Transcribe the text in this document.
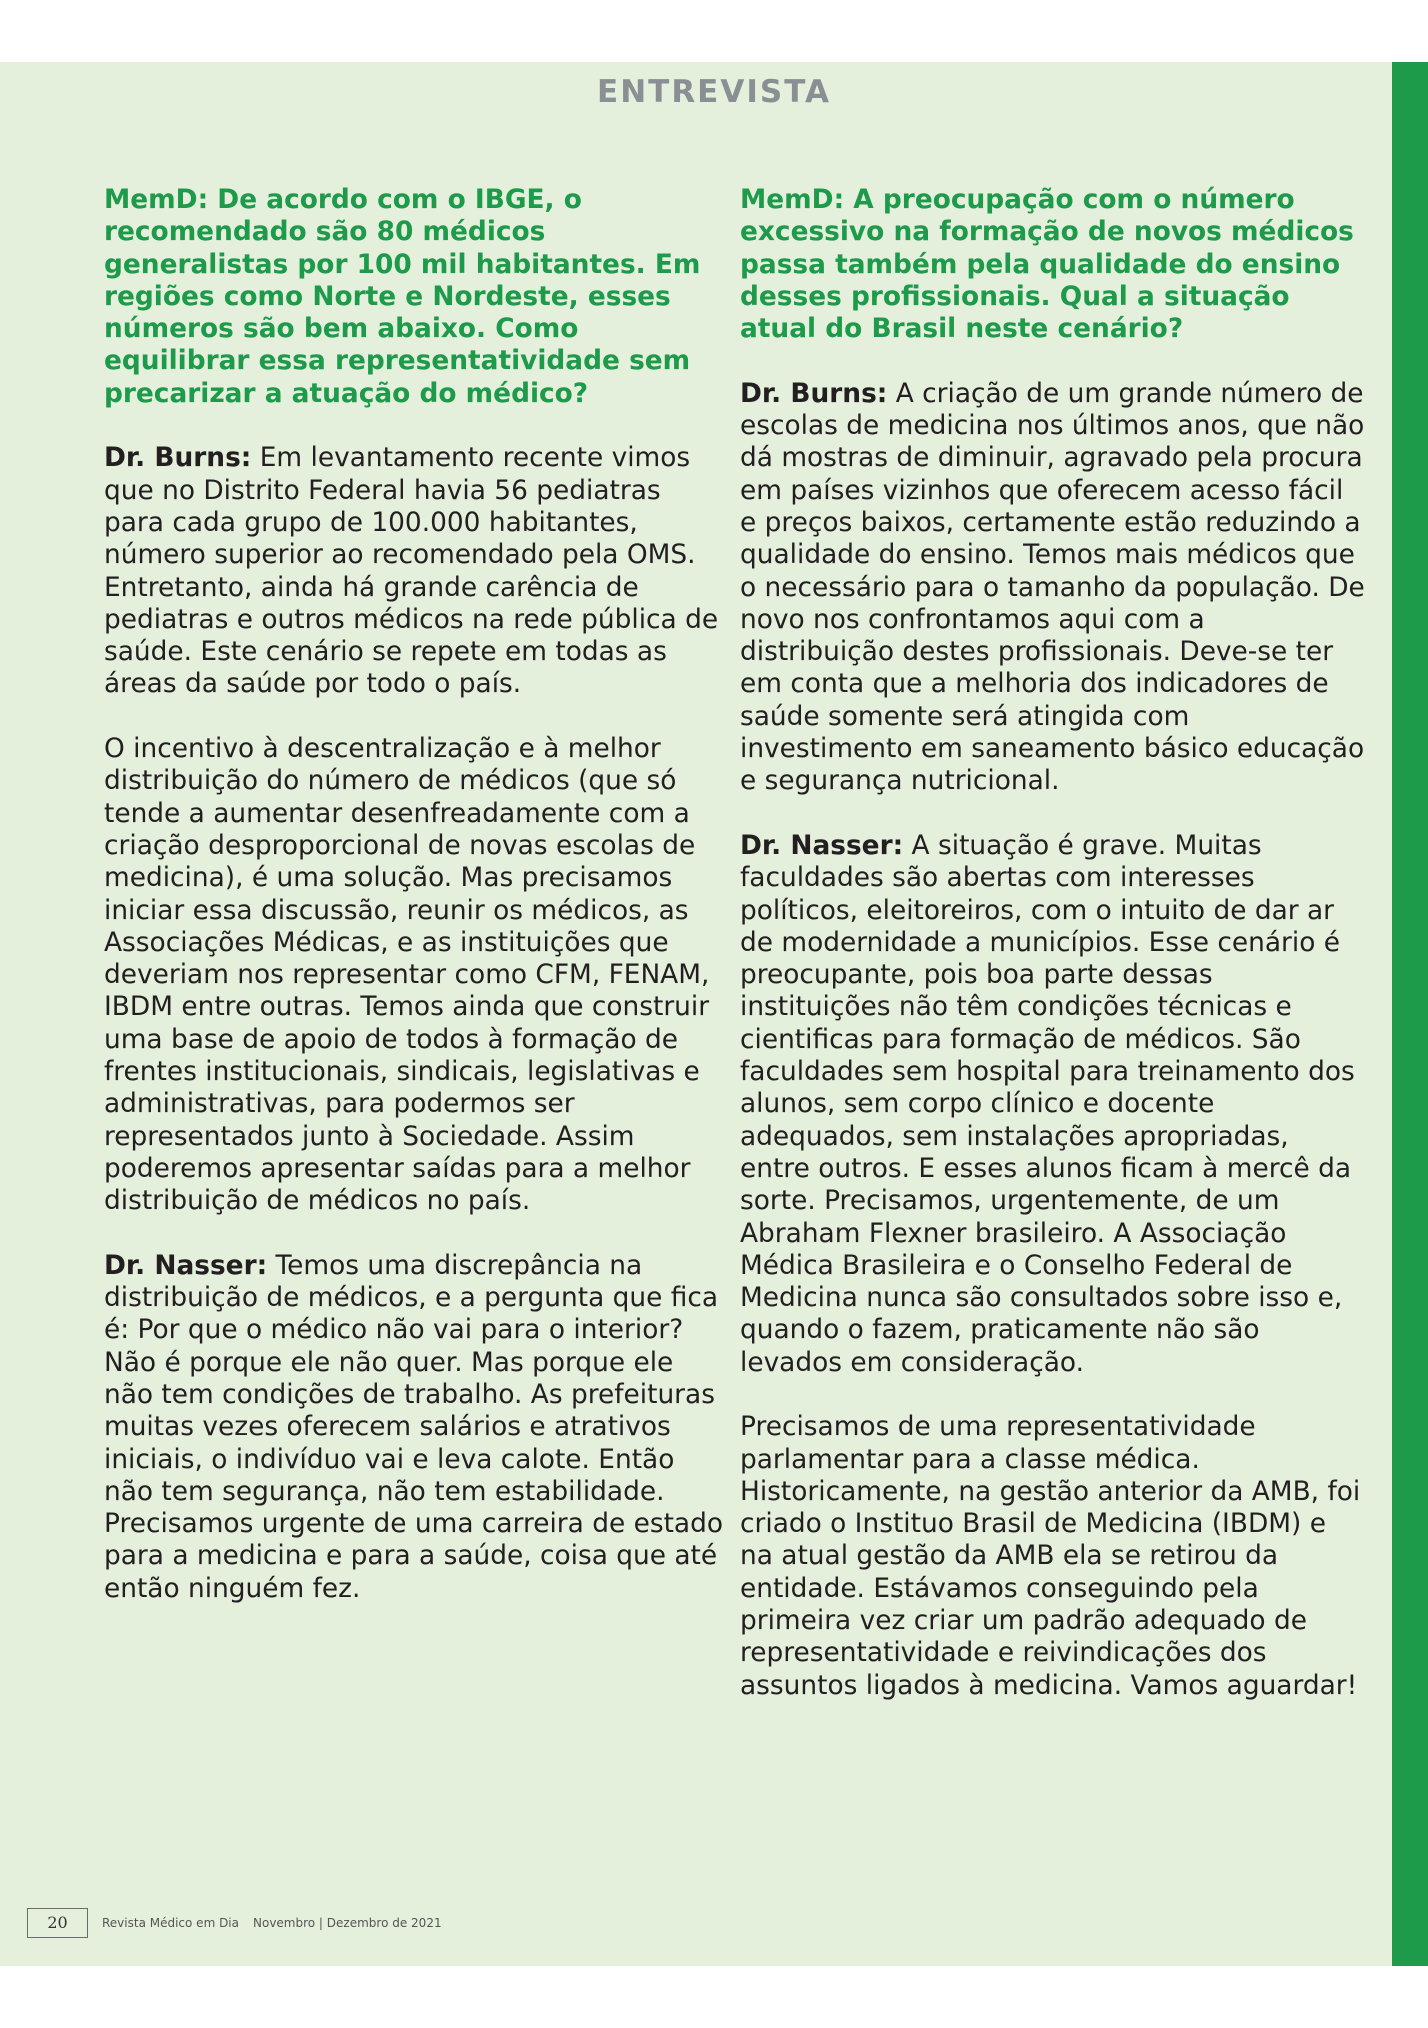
ENTREVISTA

MemD: De acordo com o IBGE, o recomendado são 80 médicos generalistas por 100 mil habitantes. Em regiões como Norte e Nordeste, esses números são bem abaixo. Como equilibrar essa representatividade sem precarizar a atuação do médico?

Dr. Burns: Em levantamento recente vimos que no Distrito Federal havia 56 pediatras para cada grupo de 100.000 habitantes, número superior ao recomendado pela OMS. Entretanto, ainda há grande carência de pediatras e outros médicos na rede pública de saúde. Este cenário se repete em todas as áreas da saúde por todo o país.

O incentivo à descentralização e à melhor distribuição do número de médicos (que só tende a aumentar desenfreadamente com a criação desproporcional de novas escolas de medicina), é uma solução. Mas precisamos iniciar essa discussão, reunir os médicos, as Associações Médicas, e as instituições que deveriam nos representar como CFM, FENAM, IBDM entre outras. Temos ainda que construir uma base de apoio de todos à formação de frentes institucionais, sindicais, legislativas e administrativas, para podermos ser representados junto à Sociedade. Assim poderemos apresentar saídas para a melhor distribuição de médicos no país.

Dr. Nasser: Temos uma discrepância na distribuição de médicos, e a pergunta que fica é: Por que o médico não vai para o interior? Não é porque ele não quer. Mas porque ele não tem condições de trabalho. As prefeituras muitas vezes oferecem salários e atrativos iniciais, o indivíduo vai e leva calote. Então não tem segurança, não tem estabilidade. Precisamos urgente de uma carreira de estado para a medicina e para a saúde, coisa que até então ninguém fez.

MemD: A preocupação com o número excessivo na formação de novos médicos passa também pela qualidade do ensino desses profissionais. Qual a situação atual do Brasil neste cenário?

Dr. Burns: A criação de um grande número de escolas de medicina nos últimos anos, que não dá mostras de diminuir, agravado pela procura em países vizinhos que oferecem acesso fácil e preços baixos, certamente estão reduzindo a qualidade do ensino. Temos mais médicos que o necessário para o tamanho da população. De novo nos confrontamos aqui com a distribuição destes profissionais. Deve-se ter em conta que a melhoria dos indicadores de saúde somente será atingida com investimento em saneamento básico educação e segurança nutricional.

Dr. Nasser: A situação é grave. Muitas faculdades são abertas com interesses políticos, eleitoreiros, com o intuito de dar ar de modernidade a municípios. Esse cenário é preocupante, pois boa parte dessas instituições não têm condições técnicas e cientificas para formação de médicos. São faculdades sem hospital para treinamento dos alunos, sem corpo clínico e docente adequados, sem instalações apropriadas, entre outros. E esses alunos ficam à mercê da sorte. Precisamos, urgentemente, de um Abraham Flexner brasileiro. A Associação Médica Brasileira e o Conselho Federal de Medicina nunca são consultados sobre isso e, quando o fazem, praticamente não são levados em consideração.

Precisamos de uma representatividade parlamentar para a classe médica. Historicamente, na gestão anterior da AMB, foi criado o Instituo Brasil de Medicina (IBDM) e na atual gestão da AMB ela se retirou da entidade. Estávamos conseguindo pela primeira vez criar um padrão adequado de representatividade e reivindicações dos assuntos ligados à medicina. Vamos aguardar!

20	Revista Médico em Dia Novembro | Dezembro de 2021
